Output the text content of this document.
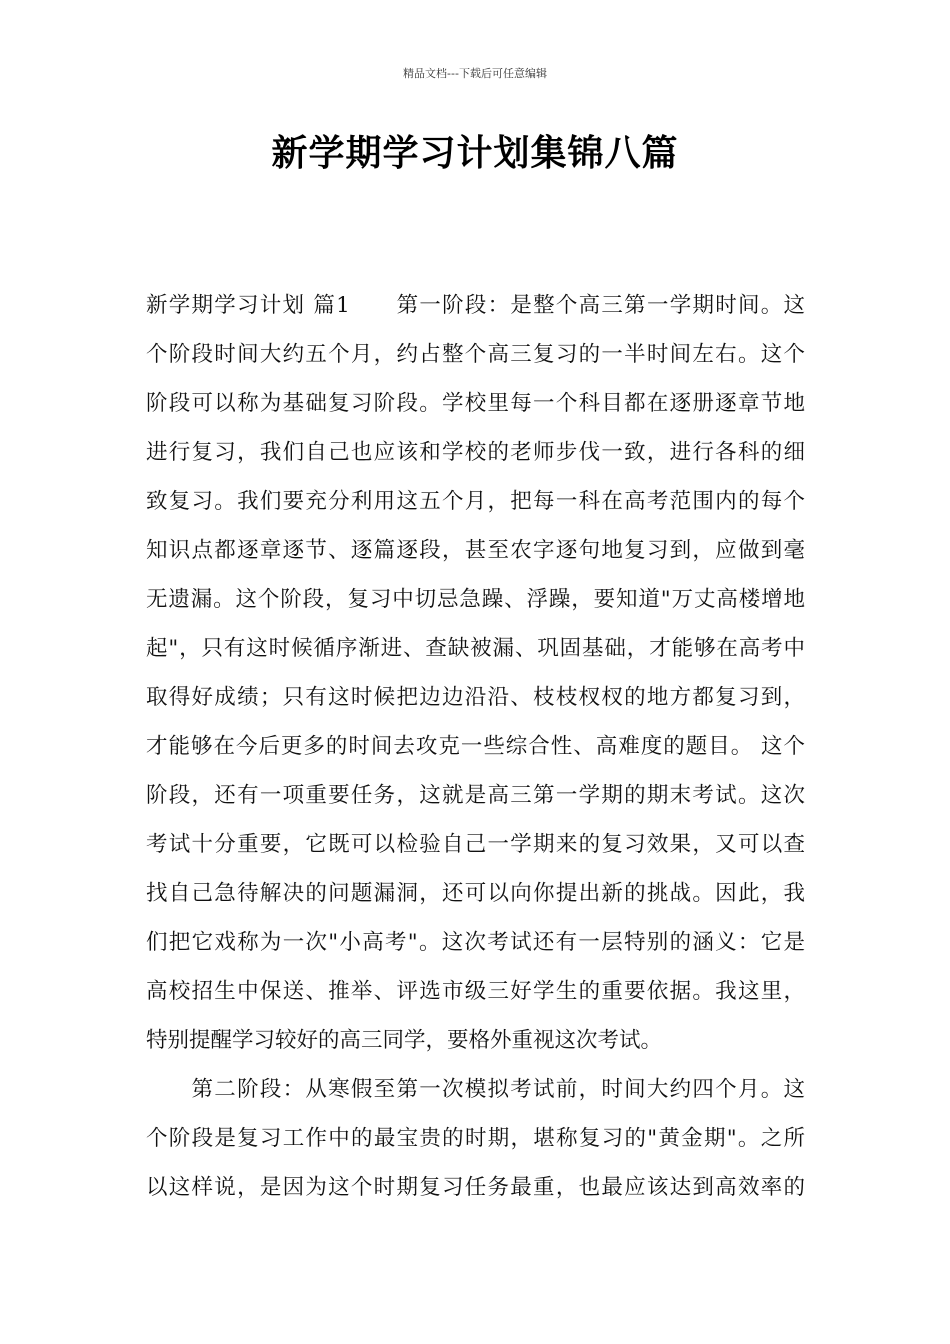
精品文档---下载后可任意编辑
新学期学习计划集锦八篇
新学期学习计划 篇1　　第一阶段：是整个高三第一学期时间。这
个阶段时间大约五个月，约占整个高三复习的一半时间左右。这个
阶段可以称为基础复习阶段。学校里每一个科目都在逐册逐章节地
进行复习，我们自己也应该和学校的老师步伐一致，进行各科的细
致复习。我们要充分利用这五个月，把每一科在高考范围内的每个
知识点都逐章逐节、逐篇逐段，甚至农字逐句地复习到，应做到毫
无遗漏。这个阶段，复习中切忌急躁、浮躁，要知道"万丈高楼增地
起"，只有这时候循序渐进、查缺被漏、巩固基础，才能够在高考中
取得好成绩；只有这时候把边边沿沿、枝枝杈杈的地方都复习到，
才能够在今后更多的时间去攻克一些综合性、高难度的题目。 这个
阶段，还有一项重要任务，这就是高三第一学期的期末考试。这次
考试十分重要，它既可以检验自己一学期来的复习效果，又可以查
找自己急待解决的问题漏洞，还可以向你提出新的挑战。因此，我
们把它戏称为一次"小高考"。这次考试还有一层特别的涵义：它是
高校招生中保送、推举、评选市级三好学生的重要依据。我这里，
特别提醒学习较好的高三同学，要格外重视这次考试。
　　第二阶段：从寒假至第一次模拟考试前，时间大约四个月。这
个阶段是复习工作中的最宝贵的时期，堪称复习的"黄金期"。之所
以这样说，是因为这个时期复习任务最重，也最应该达到高效率的
